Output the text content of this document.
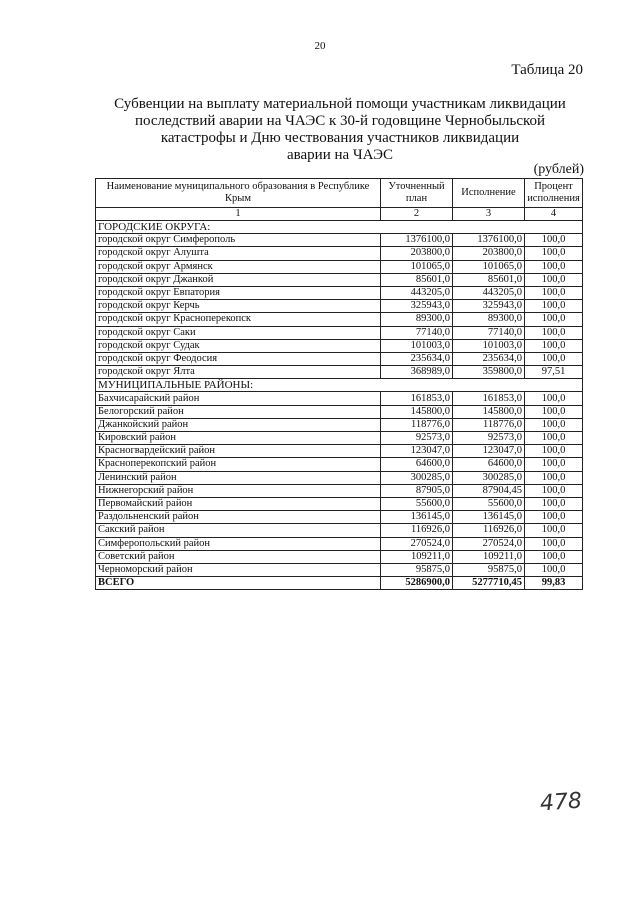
20
Таблица 20
Субвенции на выплату материальной помощи участникам ликвидации
последствий аварии на ЧАЭС к 30-й годовщине Чернобыльской
катастрофы и Дню чествования участников ликвидации
аварии на ЧАЭС
(рублей)
Наименование муниципального образования в Республике Крым	Уточненный план	Исполнение	Процент исполнения
1	2	3	4
ГОРОДСКИЕ ОКРУГА:			
городской округ Симферополь	1376100,0	1376100,0	100,0
городской округ Алушта	203800,0	203800,0	100,0
городской округ Армянск	101065,0	101065,0	100,0
городской округ Джанкой	85601,0	85601,0	100,0
городской округ Евпатория	443205,0	443205,0	100,0
городской округ Керчь	325943,0	325943,0	100,0
городской округ Красноперекопск	89300,0	89300,0	100,0
городской округ Саки	77140,0	77140,0	100,0
городской округ Судак	101003,0	101003,0	100,0
городской округ Феодосия	235634,0	235634,0	100,0
городской округ Ялта	368989,0	359800,0	97,51
МУНИЦИПАЛЬНЫЕ РАЙОНЫ:			
Бахчисарайский район	161853,0	161853,0	100,0
Белогорский район	145800,0	145800,0	100,0
Джанкойский район	118776,0	118776,0	100,0
Кировский район	92573,0	92573,0	100,0
Красногвардейский район	123047,0	123047,0	100,0
Красноперекопский район	64600,0	64600,0	100,0
Ленинский район	300285,0	300285,0	100,0
Нижнегорский район	87905,0	87904,45	100,0
Первомайский район	55600,0	55600,0	100,0
Раздольненский район	136145,0	136145,0	100,0
Сакский район	116926,0	116926,0	100,0
Симферопольский район	270524,0	270524,0	100,0
Советский район	109211,0	109211,0	100,0
Черноморский район	95875,0	95875,0	100,0
ВСЕГО	5286900,0	5277710,45	99,83
478
